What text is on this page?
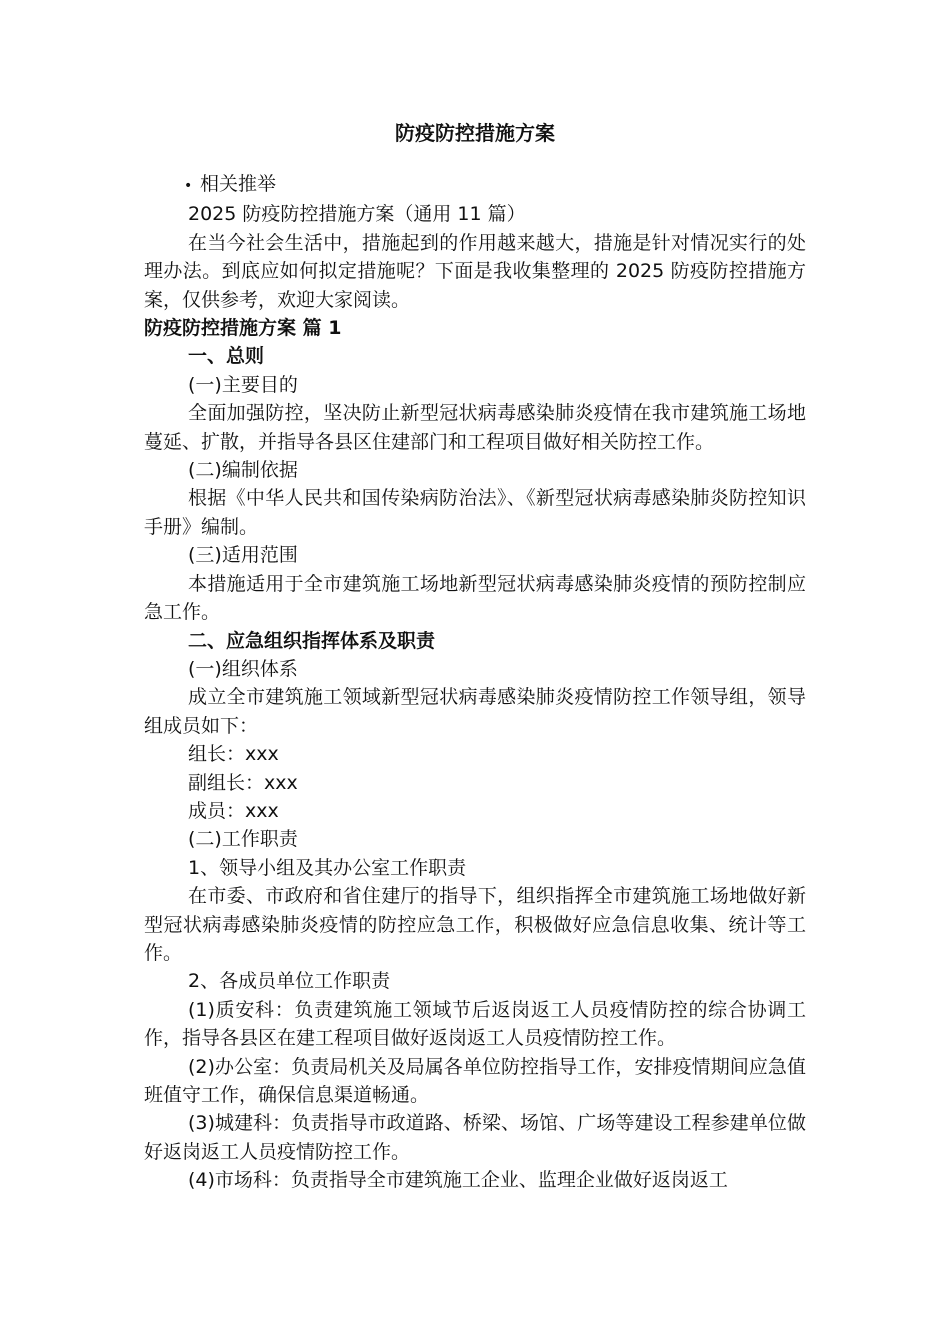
防疫防控措施方案

• 相关推举

2025 防疫防控措施方案（通用 11 篇）

在当今社会生活中，措施起到的作用越来越大，措施是针对情况实行的处理办法。到底应如何拟定措施呢？下面是我收集整理的 2025 防疫防控措施方案，仅供参考，欢迎大家阅读。

防疫防控措施方案 篇 1

一、总则

(一)主要目的

全面加强防控，坚决防止新型冠状病毒感染肺炎疫情在我市建筑施工场地蔓延、扩散，并指导各县区住建部门和工程项目做好相关防控工作。

(二)编制依据

根据《中华人民共和国传染病防治法》、《新型冠状病毒感染肺炎防控知识手册》编制。

(三)适用范围

本措施适用于全市建筑施工场地新型冠状病毒感染肺炎疫情的预防控制应急工作。

二、应急组织指挥体系及职责

(一)组织体系

成立全市建筑施工领域新型冠状病毒感染肺炎疫情防控工作领导组，领导组成员如下：

组长：xxx

副组长：xxx

成员：xxx

(二)工作职责

1、领导小组及其办公室工作职责

在市委、市政府和省住建厅的指导下，组织指挥全市建筑施工场地做好新型冠状病毒感染肺炎疫情的防控应急工作，积极做好应急信息收集、统计等工作。

2、各成员单位工作职责

(1)质安科：负责建筑施工领域节后返岗返工人员疫情防控的综合协调工作，指导各县区在建工程项目做好返岗返工人员疫情防控工作。

(2)办公室：负责局机关及局属各单位防控指导工作，安排疫情期间应急值班值守工作，确保信息渠道畅通。

(3)城建科：负责指导市政道路、桥梁、场馆、广场等建设工程参建单位做好返岗返工人员疫情防控工作。

(4)市场科：负责指导全市建筑施工企业、监理企业做好返岗返工
